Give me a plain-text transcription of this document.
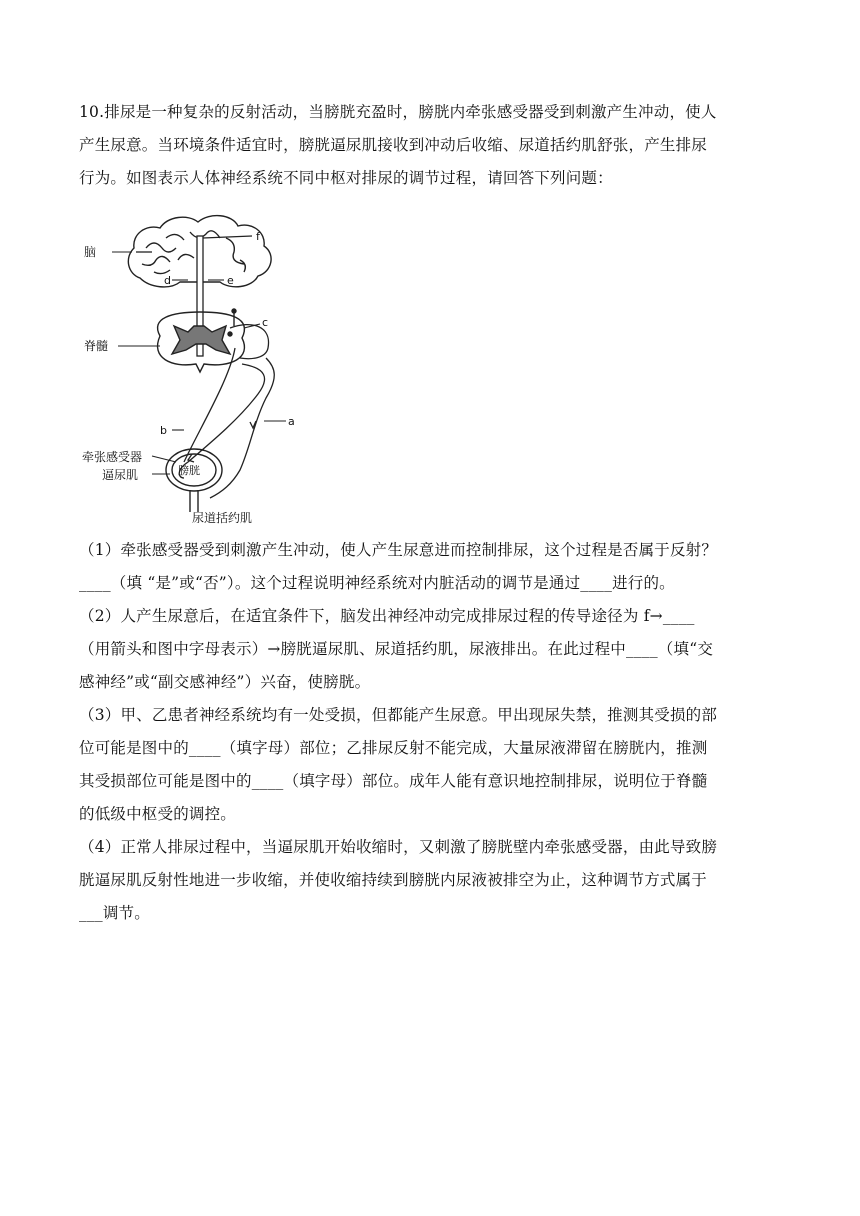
10.排尿是一种复杂的反射活动，当膀胱充盈时，膀胱内牵张感受器受到刺激产生冲动，使人
产生尿意。当环境条件适宜时，膀胱逼尿肌接收到冲动后收缩、尿道括约肌舒张，产生排尿
行为。如图表示人体神经系统不同中枢对排尿的调节过程，请回答下列问题：
脑
脊髓
牵张感受器
逼尿肌	膀胱
尿道括约肌
a
b
c
d	e
f
（1）牵张感受器受到刺激产生冲动，使人产生尿意进而控制排尿，这个过程是否属于反射？
____（填 “是”或“否”）。这个过程说明神经系统对内脏活动的调节是通过____进行的。
（2）人产生尿意后，在适宜条件下，脑发出神经冲动完成排尿过程的传导途径为 f→____
（用箭头和图中字母表示）→膀胱逼尿肌、尿道括约肌，尿液排出。在此过程中____（填“交
感神经”或“副交感神经”）兴奋，使膀胱。
（3）甲、乙患者神经系统均有一处受损，但都能产生尿意。甲出现尿失禁，推测其受损的部
位可能是图中的____（填字母）部位；乙排尿反射不能完成，大量尿液滞留在膀胱内，推测
其受损部位可能是图中的____（填字母）部位。成年人能有意识地控制排尿，说明位于脊髓
的低级中枢受的调控。
（4）正常人排尿过程中，当逼尿肌开始收缩时，又刺激了膀胱壁内牵张感受器，由此导致膀
胱逼尿肌反射性地进一步收缩，并使收缩持续到膀胱内尿液被排空为止，这种调节方式属于
___调节。
